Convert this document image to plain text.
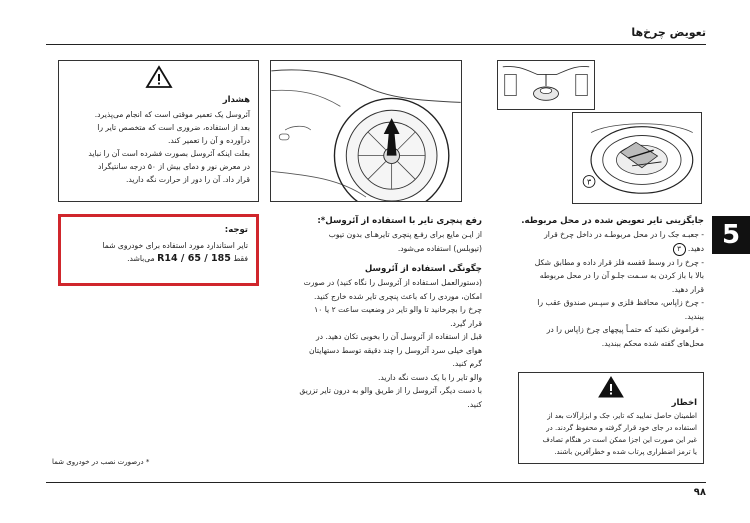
تعویض چرخ‌ها
5
هشدار
آئروسل یک تعمیر موقتی است که انجام می‌پذیرد.
بعد از استفاده، ضروری است که متخصص تایر را
درآورده و آن را تعمیر کند.
بعلت اینکه آئروسل بصورت فشرده است آن را نباید
در معرض نور و دمای بیش از ۵۰ درجه سانتیگراد
قرار داد. آن را دور از حرارت نگه دارید.
توجه:
تایر استاندارد مورد استفاده برای خودروی شما
فقط 185 / 65 / R14 می‌باشد.
۳
رفع پنچری تایر با استفاده از آئروسل*:
از ایـن مایع برای رفـع پنچری تایرهـای بدون تیوب
(تیوبلس) استفاده می‌شود.
چگونگی استفاده از آئروسل
(دستورالعمل اسـتفاده از آئروسل را نگاه کنید) در صورت
امکان، موردی را که باعث پنچری تایر شده خارج کنید.
چرخ را بچرخانید تا والو تایر در وضعیت ساعت ۲ یا ۱۰
قرار گیرد.
قبل از استفاده از آئروسل آن را بخوبی تکان دهید. در
هوای خیلی سرد آئروسل را چند دقیقه توسط دستهایتان
گرم کنید.
والو تایر را با یک دست نگه دارید.
با دست دیگر، آئروسل را از طریق والو به درون تایر تزریق
کنید.
جایگزینی تایر تعویض شده در محل مربوطه.
- جعبـه جک را در محل مربوطـه در داخل چرخ قرار
دهید. ۳
- چرخ را در وسط قفسه فلز قرار داده و مطابق شکل
بالا با باز کردن به سـمت جلـو آن را در محل مربوطه
قرار دهید.
- چرخ زاپاس، محافظ فلزی و سپـس صندوق عقب را
ببندید.
- فراموش نکنید که حتمـاً پیچهای چرخ زاپاس را در
محل‌های گفته شده محکم ببندید.
اخطار
اطمینان حاصل نمایید که تایر، جک و ابزارآلات بعد از
استفاده در جای خود قرار گرفته و محفوظ گردند. در
غیر این صورت این اجزا ممکن است در هنگام تصادف
یا ترمز اضطراری پرتاب شده و خطرآفرین باشند.
* درصورت نصب در خودروی شما
۹۸
